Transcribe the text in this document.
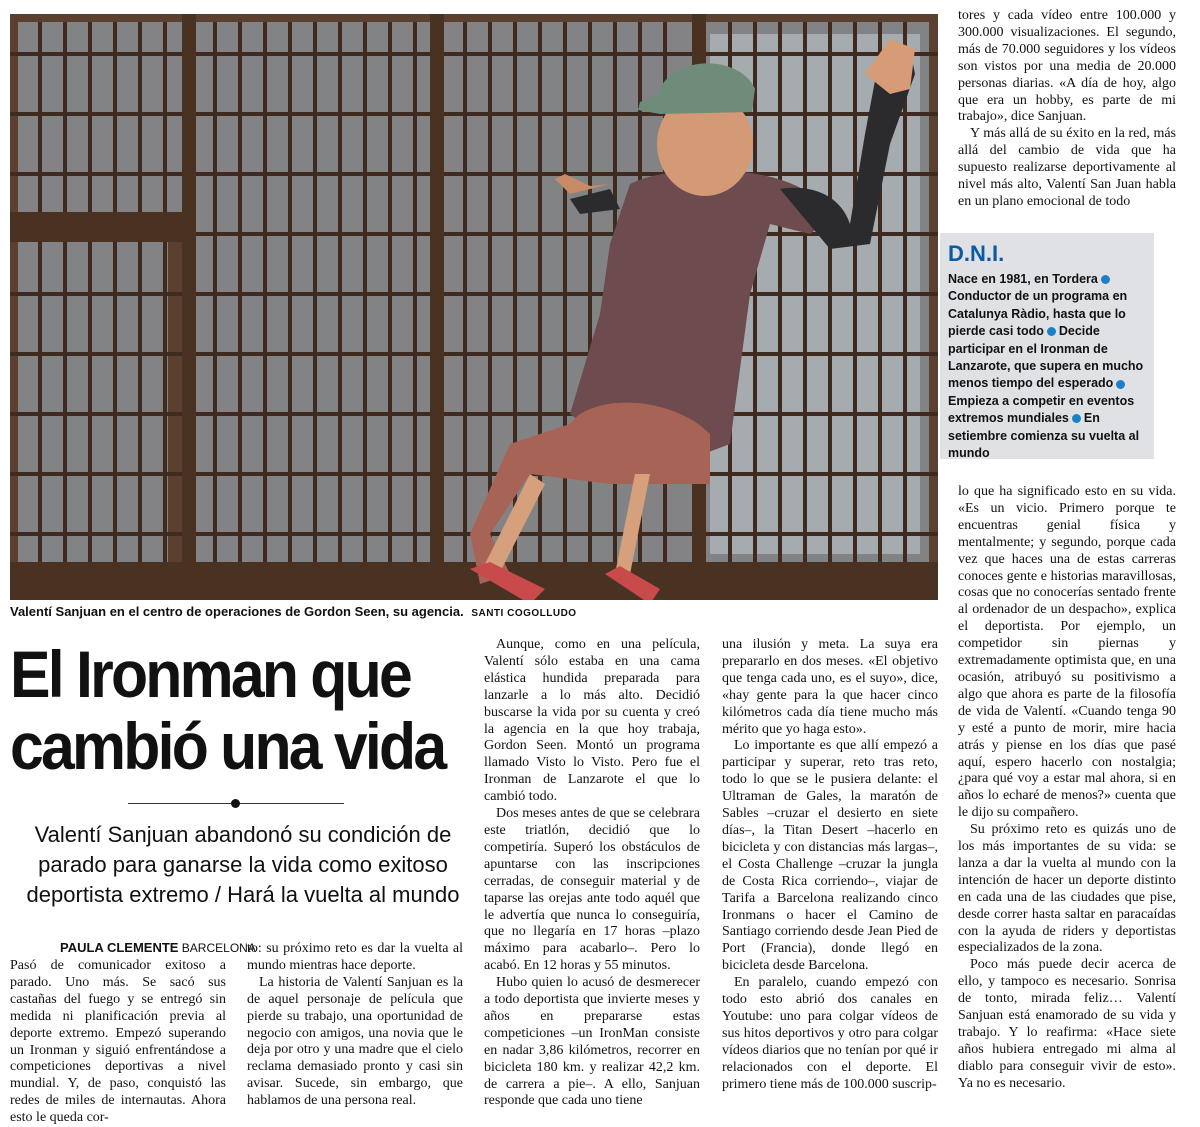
Valentí Sanjuan en el centro de operaciones de Gordon Seen, su agencia. SANTI COGOLLUDO
El Ironman que cambió una vida
Valentí Sanjuan abandonó su condición de parado para ganarse la vida como exitoso deportista extremo / Hará la vuelta al mundo
PAULA CLEMENTE BARCELONA

Pasó de comunicador exitoso a parado. Uno más. Se sacó sus castañas del fuego y se entregó sin medida ni planificación previa al deporte extremo. Empezó superando un Ironman y siguió enfrentándose a competiciones deportivas a nivel mundial. Y, de paso, conquistó las redes de miles de internautas. Ahora esto le queda cor-

to: su próximo reto es dar la vuelta al mundo mientras hace deporte.

La historia de Valentí Sanjuan es la de aquel personaje de película que pierde su trabajo, una oportunidad de negocio con amigos, una novia que le deja por otro y una madre que el cielo reclama demasiado pronto y casi sin avisar. Sucede, sin embargo, que hablamos de una persona real.

Aunque, como en una película, Valentí sólo estaba en una cama elástica hundida preparada para lanzarle a lo más alto. Decidió buscarse la vida por su cuenta y creó la agencia en la que hoy trabaja, Gordon Seen. Montó un programa llamado Visto lo Visto. Pero fue el Ironman de Lanzarote el que lo cambió todo.

Dos meses antes de que se celebrara este triatlón, decidió que lo competiría. Superó los obstáculos de apuntarse con las inscripciones cerradas, de conseguir material y de taparse las orejas ante todo aquél que le advertía que nunca lo conseguiría, que no llegaría en 17 horas –plazo máximo para acabarlo–. Pero lo acabó. En 12 horas y 55 minutos.

Hubo quien lo acusó de desmerecer a todo deportista que invierte meses y años en prepararse estas competiciones –un IronMan consiste en nadar 3,86 kilómetros, recorrer en bicicleta 180 km. y realizar 42,2 km. de carrera a pie–. A ello, Sanjuan responde que cada uno tiene

una ilusión y meta. La suya era prepararlo en dos meses. «El objetivo que tenga cada uno, es el suyo», dice, «hay gente para la que hacer cinco kilómetros cada día tiene mucho más mérito que yo haga esto».

Lo importante es que allí empezó a participar y superar, reto tras reto, todo lo que se le pusiera delante: el Ultraman de Gales, la maratón de Sables –cruzar el desierto en siete días–, la Titan Desert –hacerlo en bicicleta y con distancias más largas–, el Costa Challenge –cruzar la jungla de Costa Rica corriendo–, viajar de Tarifa a Barcelona realizando cinco Ironmans o hacer el Camino de Santiago corriendo desde Jean Pied de Port (Francia), donde llegó en bicicleta desde Barcelona.

En paralelo, cuando empezó con todo esto abrió dos canales en Youtube: uno para colgar vídeos de sus hitos deportivos y otro para colgar vídeos diarios que no tenían por qué ir relacionados con el deporte. El primero tiene más de 100.000 suscrip-

tores y cada vídeo entre 100.000 y 300.000 visualizaciones. El segundo, más de 70.000 seguidores y los vídeos son vistos por una media de 20.000 personas diarias. «A día de hoy, algo que era un hobby, es parte de mi trabajo», dice Sanjuan.

Y más allá de su éxito en la red, más allá del cambio de vida que ha supuesto realizarse deportivamente al nivel más alto, Valentí San Juan habla en un plano emocional de todo

D.N.I.
Nace en 1981, en TorderaConductor de un programa en Catalunya Ràdio, hasta que lo pierde casi todo Decide participar en el Ironman de Lanzarote, que supera en mucho menos tiempo del esperadoEmpieza a competir en eventos extremos mundiales En setiembre comienza su vuelta al mundo

lo que ha significado esto en su vida. «Es un vicio. Primero porque te encuentras genial física y mentalmente; y segundo, porque cada vez que haces una de estas carreras conoces gente e historias maravillosas, cosas que no conocerías sentado frente al ordenador de un despacho», explica el deportista. Por ejemplo, un competidor sin piernas y extremadamente optimista que, en una ocasión, atribuyó su positivismo a algo que ahora es parte de la filosofía de vida de Valentí. «Cuando tenga 90 y esté a punto de morir, mire hacia atrás y piense en los días que pasé aquí, espero hacerlo con nostalgia; ¿para qué voy a estar mal ahora, si en años lo echaré de menos?» cuenta que le dijo su compañero.

Su próximo reto es quizás uno de los más importantes de su vida: se lanza a dar la vuelta al mundo con la intención de hacer un deporte distinto en cada una de las ciudades que pise, desde correr hasta saltar en paracaídas con la ayuda de riders y deportistas especializados de la zona.

Poco más puede decir acerca de ello, y tampoco es necesario. Sonrisa de tonto, mirada feliz… Valentí Sanjuan está enamorado de su vida y trabajo. Y lo reafirma: «Hace siete años hubiera entregado mi alma al diablo para conseguir vivir de esto». Ya no es necesario.
